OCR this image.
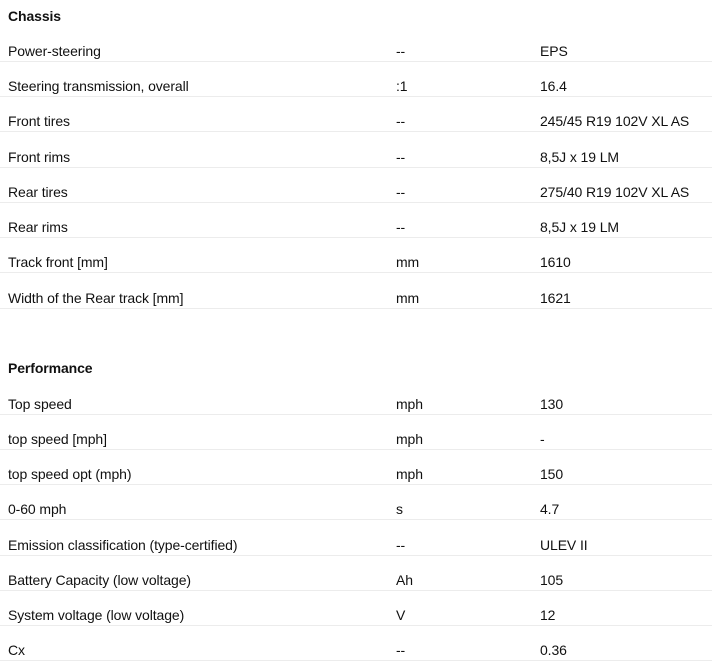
Chassis
Power-steering	--	EPS
Steering transmission, overall	:1	16.4
Front tires	--	245/45 R19 102V XL AS
Front rims	--	8,5J x 19 LM
Rear tires	--	275/40 R19 102V XL AS
Rear rims	--	8,5J x 19 LM
Track front [mm]	mm	1610
Width of the Rear track [mm]	mm	1621
Performance
Top speed	mph	130
top speed [mph]	mph	-
top speed opt (mph)	mph	150
0-60 mph	s	4.7
Emission classification (type-certified)	--	ULEV II
Battery Capacity (low voltage)	Ah	105
System voltage (low voltage)	V	12
Cx	--	0.36
